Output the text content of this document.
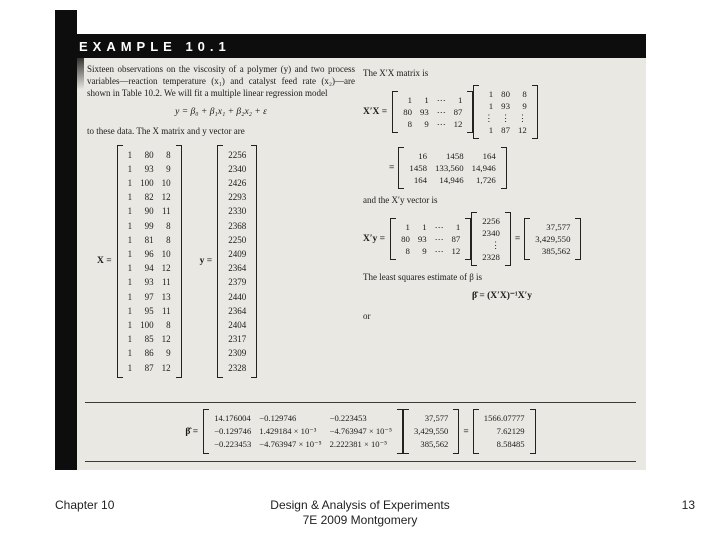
EXAMPLE 10.1

Sixteen observations on the viscosity of a polymer (y) and two process variables—reaction temperature (x₁) and catalyst feed rate (x₂)—are shown in Table 10.2. We will fit a multiple linear regression model

y = β₀ + β₁x₁ + β₂x₂ + ε

to these data. The X matrix and y vector are

X =
1	80	8
1	93	9
1	100	10
1	82	12
1	90	11
1	99	8
1	81	8
1	96	10
1	94	12
1	93	11
1	97	13
1	95	11
1	100	8
1	85	12
1	86	9
1	87	12
y =
2256
2340
2426
2293
2330
2368
2250
2409
2364
2379
2440
2364
2404
2317
2309
2328

The X′X matrix is

X′X =
1	1	⋯	1
80	93	⋯	87
8	9	⋯	12
1	80	8
1	93	9
⋮	⋮	⋮
1	87	12
=
16	1458	164
1458	133,560	14,946
164	14,946	1,726

and the X′y vector is

X′y =
1	1	⋯	1
80	93	⋯	87
8	9	⋯	12
2256
2340
⋮
2328
=
37,577
3,429,550
385,562

The least squares estimate of β is

β̂ = (X′X)⁻¹X′y

or

β̂ =
14.176004	−0.129746	−0.223453
−0.129746	1.429184 × 10⁻³	−4.763947 × 10⁻⁵
−0.223453	−4.763947 × 10⁻⁵	2.222381 × 10⁻⁵
37,577
3,429,550
385,562
=
1566.07777
7.62129
8.58485
Chapter 10	Design & Analysis of Experiments
7E 2009 Montgomery
13
